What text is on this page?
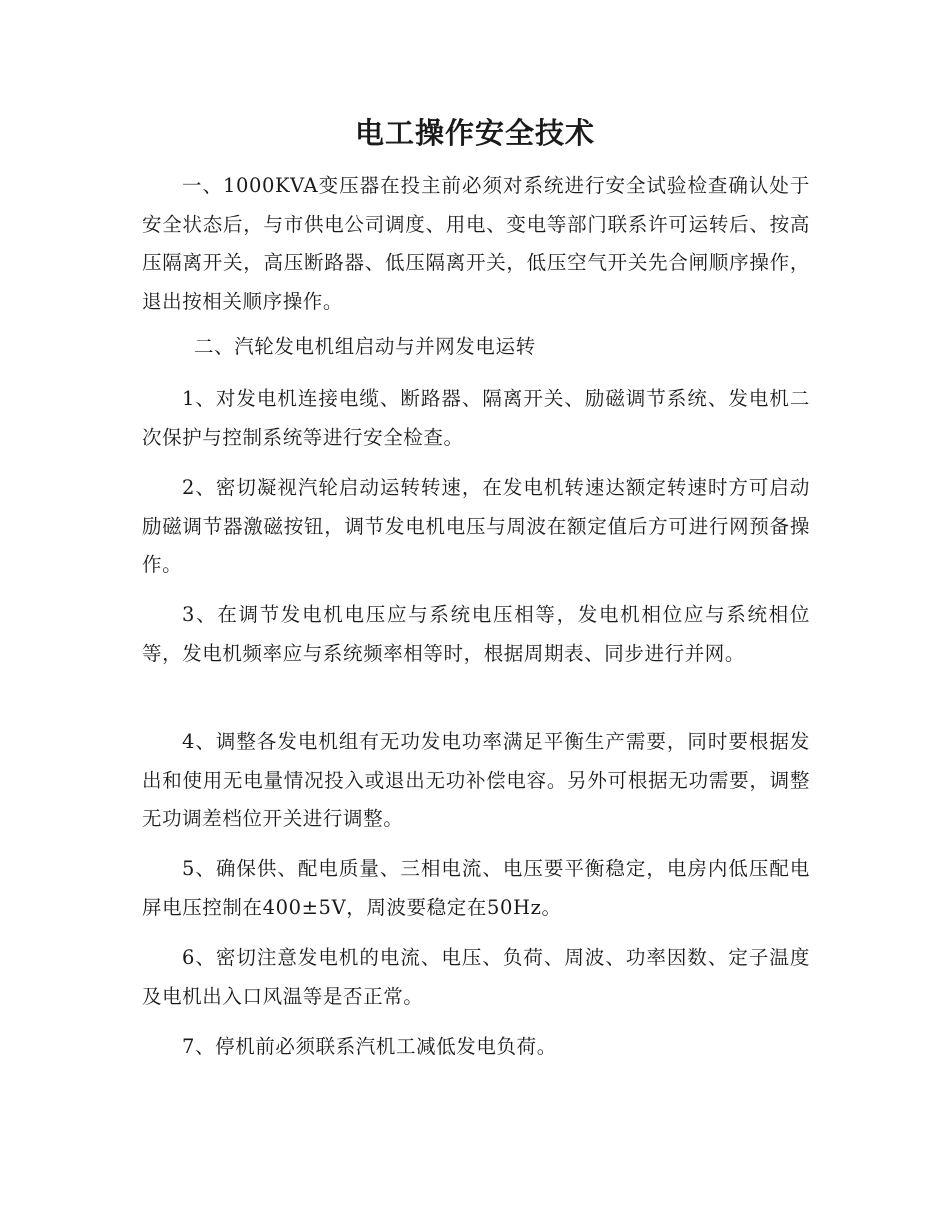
电工操作安全技术

一、1000KVA变压器在投主前必须对系统进行安全试验检查确认处于安全状态后，与市供电公司调度、用电、变电等部门联系许可运转后、按高压隔离开关，高压断路器、低压隔离开关，低压空气开关先合闸顺序操作，退出按相关顺序操作。

二、汽轮发电机组启动与并网发电运转

1、对发电机连接电缆、断路器、隔离开关、励磁调节系统、发电机二次保护与控制系统等进行安全检查。

2、密切凝视汽轮启动运转转速，在发电机转速达额定转速时方可启动励磁调节器激磁按钮，调节发电机电压与周波在额定值后方可进行网预备操作。

3、在调节发电机电压应与系统电压相等，发电机相位应与系统相位等，发电机频率应与系统频率相等时，根据周期表、同步进行并网。

4、调整各发电机组有无功发电功率满足平衡生产需要，同时要根据发出和使用无电量情况投入或退出无功补偿电容。另外可根据无功需要，调整无功调差档位开关进行调整。

5、确保供、配电质量、三相电流、电压要平衡稳定，电房内低压配电屏电压控制在400±5V，周波要稳定在50Hz。

6、密切注意发电机的电流、电压、负荷、周波、功率因数、定子温度及电机出入口风温等是否正常。

7、停机前必须联系汽机工减低发电负荷。
